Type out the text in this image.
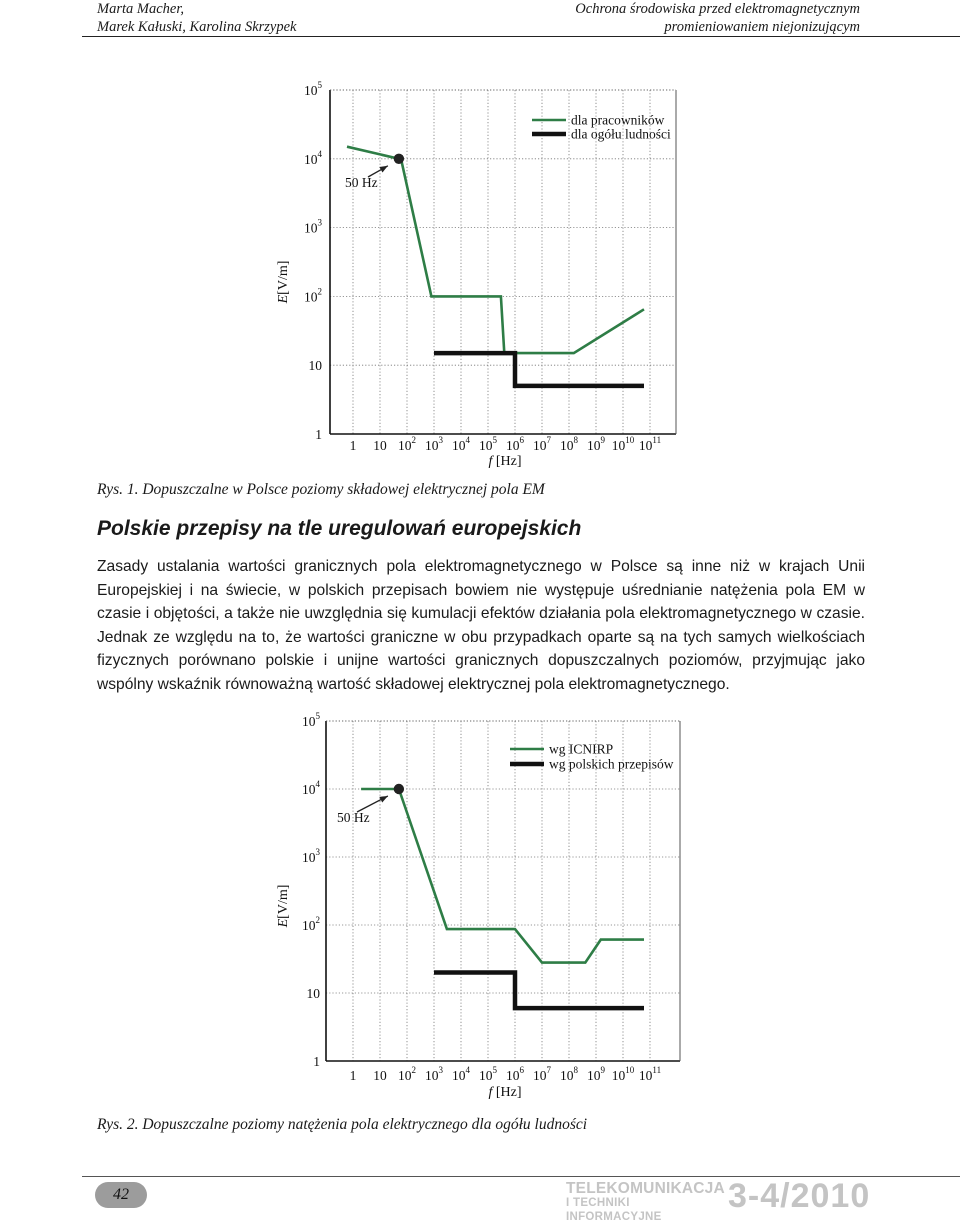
Marta Macher,
Marek Kałuski, Karolina Skrzypek
Ochrona środowiska przed elektromagnetycznym
promieniowaniem niejonizującym
1 10 $10^2$ $10^3$ $10^4$ $10^5$ $10^6$ $10^7$ $10^8$ $10^9$ $10^{10}$ $10^{11}$
1
10
$10^2$
$10^3$
$10^4$
$10^5$
f [Hz]
E[V/m]
dla pracowników
dla ogółu ludności
50 Hz
Rys. 1. Dopuszczalne w Polsce poziomy składowej elektrycznej pola EM
Polskie przepisy na tle uregulowań europejskich

Zasady ustalania wartości granicznych pola elektromagnetycznego w Polsce są inne niż w krajach Unii Europejskiej i na świecie, w polskich przepisach bowiem nie występuje uśrednianie natężenia pola EM w czasie i objętości, a także nie uwzględnia się kumulacji efektów działania pola elektromagnetycznego w czasie. Jednak ze względu na to, że wartości graniczne w obu przypadkach oparte są na tych samych wielkościach fizycznych porównano polskie i unijne wartości granicznych dopuszczalnych poziomów, przyjmując jako wspólny wskaźnik równoważną wartość składowej elektrycznej pola elektromagnetycznego.

1 10 $10^2$ $10^3$ $10^4$ $10^5$ $10^6$ $10^7$ $10^8$ $10^9$ $10^{10}$ $10^{11}$
1
10
$10^2$
$10^3$
$10^4$
$10^5$
f [Hz]
E[V/m]
wg ICNIRP
wg polskich przepisów
50 Hz
Rys. 2. Dopuszczalne poziomy natężenia pola elektrycznego dla ogółu ludności
42	TELEKOMUNIKACJA
I TECHNIKI INFORMACYJNE
3-4/2010
